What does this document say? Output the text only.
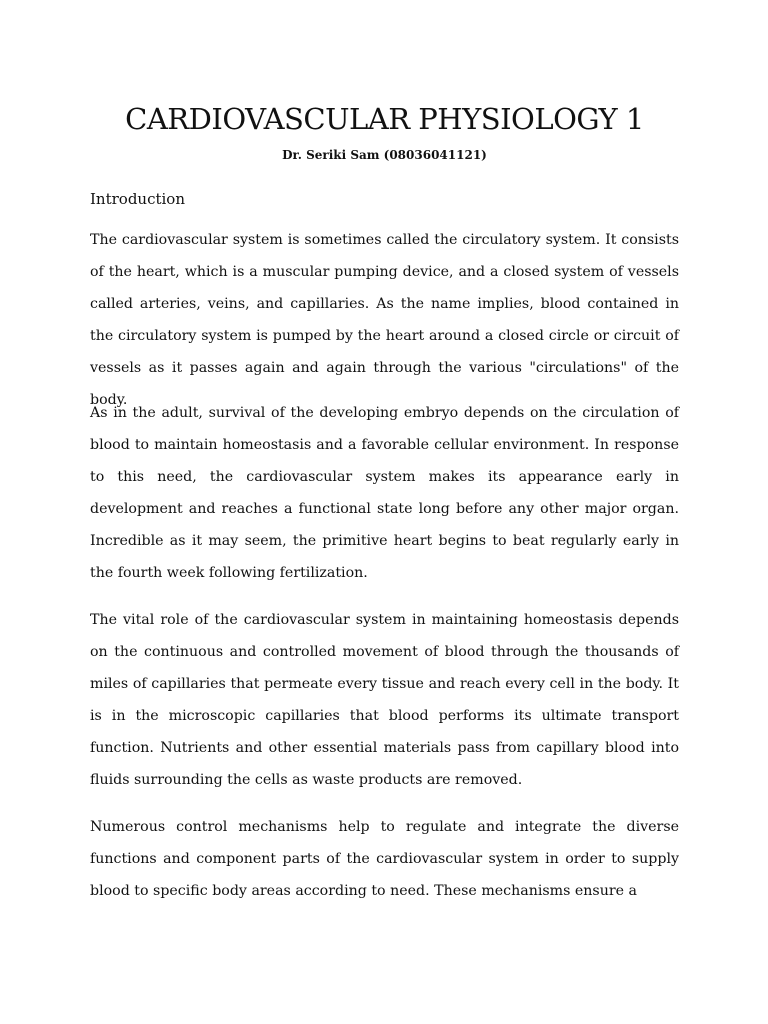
CARDIOVASCULAR PHYSIOLOGY 1

Dr. Seriki Sam (08036041121)

Introduction

The cardiovascular system is sometimes called the circulatory system. It consists of the heart, which is a muscular pumping device, and a closed system of vessels called arteries, veins, and capillaries. As the name implies, blood contained in the circulatory system is pumped by the heart around a closed circle or circuit of vessels as it passes again and again through the various "circulations" of the body.

As in the adult, survival of the developing embryo depends on the circulation of blood to maintain homeostasis and a favorable cellular environment. In response to this need, the cardiovascular system makes its appearance early in development and reaches a functional state long before any other major organ. Incredible as it may seem, the primitive heart begins to beat regularly early in the fourth week following fertilization.

The vital role of the cardiovascular system in maintaining homeostasis depends on the continuous and controlled movement of blood through the thousands of miles of capillaries that permeate every tissue and reach every cell in the body. It is in the microscopic capillaries that blood performs its ultimate transport function. Nutrients and other essential materials pass from capillary blood into fluids surrounding the cells as waste products are removed.

Numerous control mechanisms help to regulate and integrate the diverse functions and component parts of the cardiovascular system in order to supply blood to specific body areas according to need. These mechanisms ensure a
